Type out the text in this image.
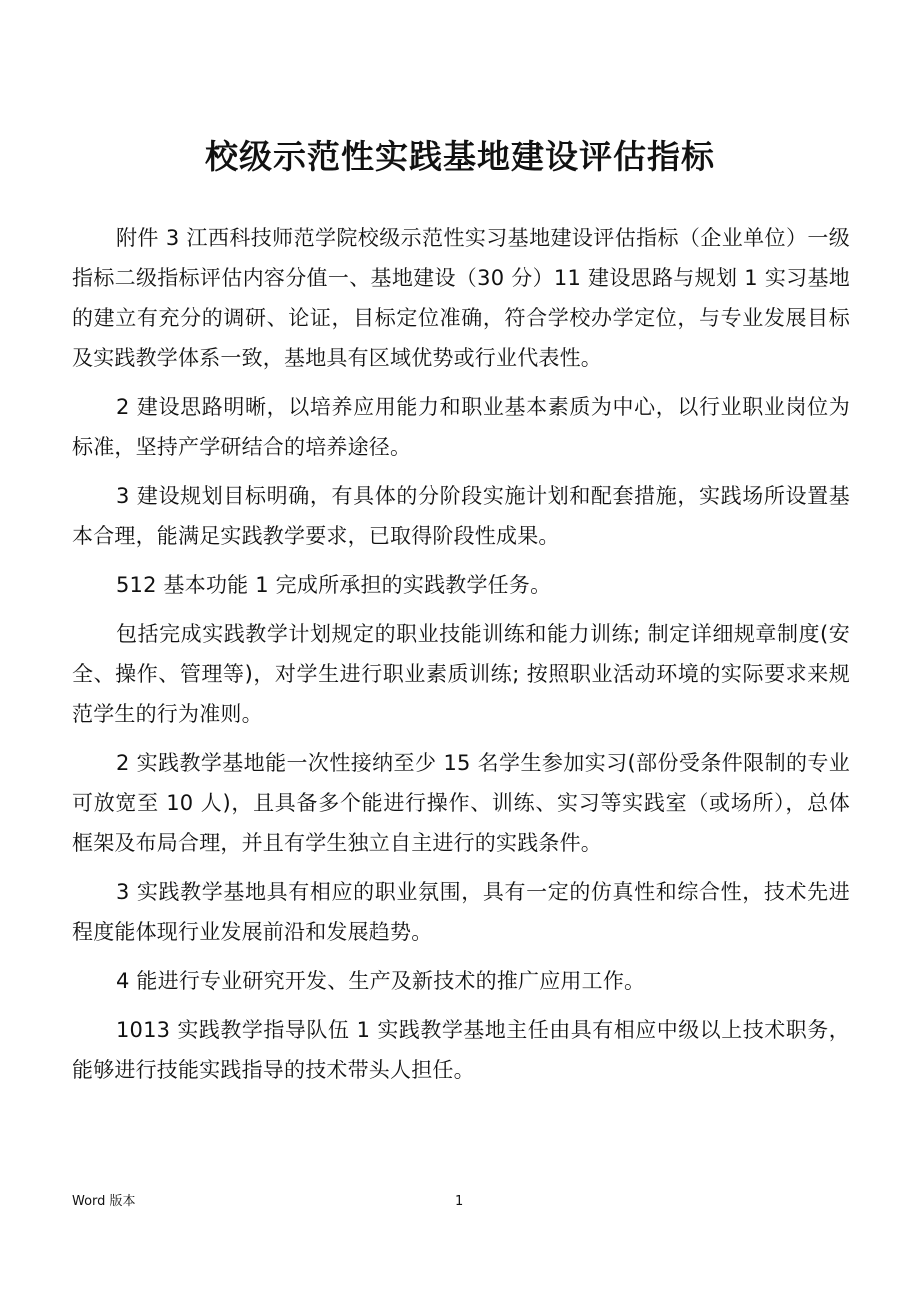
校级示范性实践基地建设评估指标

附件 3 江西科技师范学院校级示范性实习基地建设评估指标（企业单位）一级指标二级指标评估内容分值一、基地建设（30 分）11 建设思路与规划 1 实习基地的建立有充分的调研、论证，目标定位准确，符合学校办学定位，与专业发展目标及实践教学体系一致，基地具有区域优势或行业代表性。

2 建设思路明晰，以培养应用能力和职业基本素质为中心，以行业职业岗位为标准，坚持产学研结合的培养途径。

3 建设规划目标明确，有具体的分阶段实施计划和配套措施，实践场所设置基本合理，能满足实践教学要求，已取得阶段性成果。

512 基本功能 1 完成所承担的实践教学任务。

包括完成实践教学计划规定的职业技能训练和能力训练; 制定详细规章制度(安全、操作、管理等)，对学生进行职业素质训练; 按照职业活动环境的实际要求来规范学生的行为准则。

2 实践教学基地能一次性接纳至少 15 名学生参加实习(部份受条件限制的专业可放宽至 10 人)，且具备多个能进行操作、训练、实习等实践室（或场所），总体框架及布局合理，并且有学生独立自主进行的实践条件。

3 实践教学基地具有相应的职业氛围，具有一定的仿真性和综合性，技术先进程度能体现行业发展前沿和发展趋势。

4 能进行专业研究开发、生产及新技术的推广应用工作。

1013 实践教学指导队伍 1 实践教学基地主任由具有相应中级以上技术职务，能够进行技能实践指导的技术带头人担任。

Word 版本	1
